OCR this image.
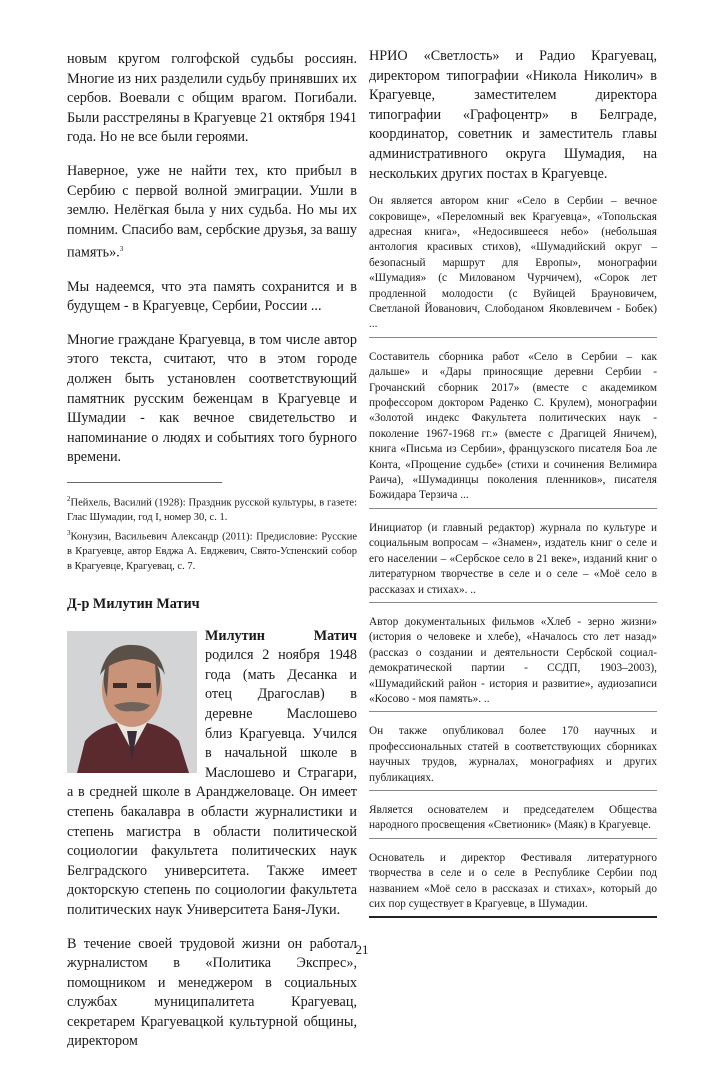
новым кругом голгофской судьбы россиян. Многие из них разделили судьбу принявших их сербов. Воевали с общим врагом. Погибали. Были расстреляны в Крагуевце 21 октября 1941 года. Но не все были героями.

Наверное, уже не найти тех, кто прибыл в Сербию с первой волной эмиграции. Ушли в землю. Нелёгкая была у них судьба. Но мы их помним. Спасибо вам, сербские друзья, за вашу память».$^3$

Мы надеемся, что эта память сохранится и в будущем - в Крагуевце, Сербии, России ...

Многие граждане Крагуевца, в том числе автор этого текста, считают, что в этом городе должен быть установлен соответствующий памятник русским беженцам в Крагуевце и Шумадии - как вечное свидетельство и напоминание о людях и событиях того бурного времени.

$^2$Пейхель, Василий (1928): Праздник русской культуры, в газете: Глас Шумадии, год I, номер 30, с. 1.

$^3$Конузин, Васильевич Александр (2011): Предисловие: Русские в Крагуевце, автор Евджа А. Евджевич, Свято-Успенский собор в Крагуевце, Крагуевац, с. 7.

Д-р Милутин Матич

Милутин Матич родился 2 ноября 1948 года (мать Десанка и отец Драгослав) в деревне Маслошево близ Крагуевца. Учился в начальной школе в Маслошево и Страгари, а в средней школе в Аранджеловаце. Он имеет степень бакалавра в области журналистики и степень магистра в области политической социологии факультета политических наук Белградского университета. Также имеет докторскую степень по социологии факультета политических наук Университета Баня-Луки.

В течение своей трудовой жизни он работал журналистом в «Политика Экспрес», помощником и менеджером в социальных службах муниципалитета Крагуевац, секретарем Крагуевацкой культурной общины, директором

НРИО «Светлость» и Радио Крагуевац, директором типографии «Никола Николич» в Крагуевце, заместителем директора типографии «Графоцентр» в Белграде, координатор, советник и заместитель главы административного округа Шумадия, на нескольких других постах в Крагуевце.

Он является автором книг «Село в Сербии – вечное сокровище», «Переломный век Крагуевца», «Топольская адресная книга», «Недосившееся небо» (небольшая антология красивых стихов), «Шумадийский округ – безопасный маршрут для Европы», монографии «Шумадия» (с Милованом Чурчичем), «Сорок лет продленной молодости (с Вуйицей Брауновичем, Светланой Йованович, Слободаном Яковлевичем - Бобек) ...

Составитель сборника работ «Село в Сербии – как дальше» и «Дары приносящие деревни Сербии - Грочанский сборник 2017» (вместе с академиком профессором доктором Раденко С. Крулем), монографии «Золотой индекс Факультета политических наук - поколение 1967-1968 гг.» (вместе с Драгицей Яничем), книга «Письма из Сербии», французского писателя Боа ле Конта, «Прощение судьбе» (стихи и сочинения Велимира Раича), «Шумадинцы поколения пленников», писателя Божидара Терзича ...

Инициатор (и главный редактор) журнала по культуре и социальным вопросам – «Знамен», издатель книг о селе и его населении – «Сербское село в 21 веке», изданий книг о литературном творчестве в селе и о селе – «Моё село в рассказах и стихах». ..

Автор документальных фильмов «Хлеб - зерно жизни» (история о человеке и хлебе), «Началось сто лет назад» (рассказ о создании и деятельности Сербской социал-демократической партии - ССДП, 1903–2003), «Шумадийский район - история и развитие», аудиозаписи «Косово - моя память». ..

Он также опубликовал более 170 научных и профессиональных статей в соответствующих сборниках научных трудов, журналах, монографиях и других публикациях.

Является основателем и председателем Общества народного просвещения «Светионик» (Маяк) в Крагуевце.

Основатель и директор Фестиваля литературного творчества в селе и о селе в Республике Сербии под названием «Моё село в рассказах и стихах», который до сих пор существует в Крагуевце, в Шумадии.

21
